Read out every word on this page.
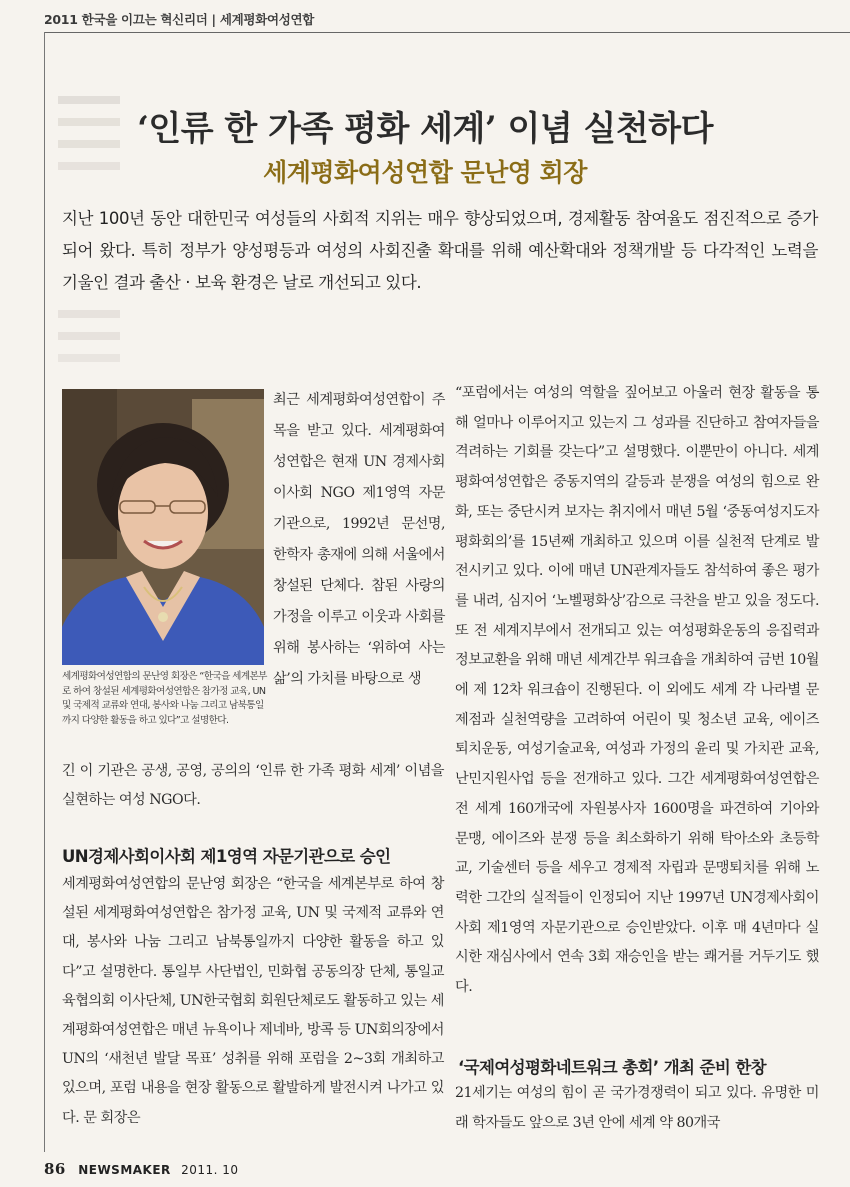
2011 한국을 이끄는 혁신리더 | 세계평화여성연합
‘인류 한 가족 평화 세계’ 이념 실천하다
세계평화여성연합 문난영 회장

지난 100년 동안 대한민국 여성들의 사회적 지위는 매우 향상되었으며, 경제활동 참여율도 점진적으로 증가되어 왔다. 특히 정부가 양성평등과 여성의 사회진출 확대를 위해 예산확대와 정책개발 등 다각적인 노력을 기울인 결과 출산 · 보육 환경은 날로 개선되고 있다.

세계평화여성연합의 문난영 회장은 “한국을 세계본부로 하여 창설된 세계평화여성연합은 참가정 교육, UN 및 국제적 교류와 연대, 봉사와 나눔 그리고 남북통일까지 다양한 활동을 하고 있다”고 설명한다.

최근 세계평화여성연합이 주목을 받고 있다. 세계평화여성연합은 현재 UN 경제사회이사회 NGO 제1영역 자문기관으로, 1992년 문선명, 한학자 총재에 의해 서울에서 창설된 단체다. 참된 사랑의 가정을 이루고 이웃과 사회를 위해 봉사하는 ‘위하여 사는 삶’의 가치를 바탕으로 생

긴 이 기관은 공생, 공영, 공의의 ‘인류 한 가족 평화 세계’ 이념을 실현하는 여성 NGO다.

UN경제사회이사회 제1영역 자문기관으로 승인

세계평화여성연합의 문난영 회장은 “한국을 세계본부로 하여 창설된 세계평화여성연합은 참가정 교육, UN 및 국제적 교류와 연대, 봉사와 나눔 그리고 남북통일까지 다양한 활동을 하고 있다”고 설명한다. 통일부 사단법인, 민화협 공동의장 단체, 통일교육협의회 이사단체, UN한국협회 회원단체로도 활동하고 있는 세계평화여성연합은 매년 뉴욕이나 제네바, 방콕 등 UN회의장에서 UN의 ‘새천년 발달 목표’ 성취를 위해 포럼을 2~3회 개최하고 있으며, 포럼 내용을 현장 활동으로 활발하게 발전시켜 나가고 있다. 문 회장은

“포럼에서는 여성의 역할을 짚어보고 아울러 현장 활동을 통해 얼마나 이루어지고 있는지 그 성과를 진단하고 참여자들을 격려하는 기회를 갖는다”고 설명했다. 이뿐만이 아니다. 세계평화여성연합은 중동지역의 갈등과 분쟁을 여성의 힘으로 완화, 또는 중단시켜 보자는 취지에서 매년 5월 ‘중동여성지도자 평화회의’를 15년째 개최하고 있으며 이를 실천적 단계로 발전시키고 있다. 이에 매년 UN관계자들도 참석하여 좋은 평가를 내려, 심지어 ‘노벨평화상’감으로 극찬을 받고 있을 정도다. 또 전 세계지부에서 전개되고 있는 여성평화운동의 응집력과 정보교환을 위해 매년 세계간부 워크숍을 개최하여 금번 10월에 제 12차 워크숍이 진행된다. 이 외에도 세계 각 나라별 문제점과 실천역량을 고려하여 어린이 및 청소년 교육, 에이즈 퇴치운동, 여성기술교육, 여성과 가정의 윤리 및 가치관 교육, 난민지원사업 등을 전개하고 있다. 그간 세계평화여성연합은 전 세계 160개국에 자원봉사자 1600명을 파견하여 기아와 문맹, 에이즈와 분쟁 등을 최소화하기 위해 탁아소와 초등학교, 기술센터 등을 세우고 경제적 자립과 문맹퇴치를 위해 노력한 그간의 실적들이 인정되어 지난 1997년 UN경제사회이사회 제1영역 자문기관으로 승인받았다. 이후 매 4년마다 실시한 재심사에서 연속 3회 재승인을 받는 쾌거를 거두기도 했다.

‘국제여성평화네트워크 총회’ 개최 준비 한창

21세기는 여성의 힘이 곧 국가경쟁력이 되고 있다. 유명한 미래 학자들도 앞으로 3년 안에 세계 약 80개국

86 NEWSMAKER 2011. 10
